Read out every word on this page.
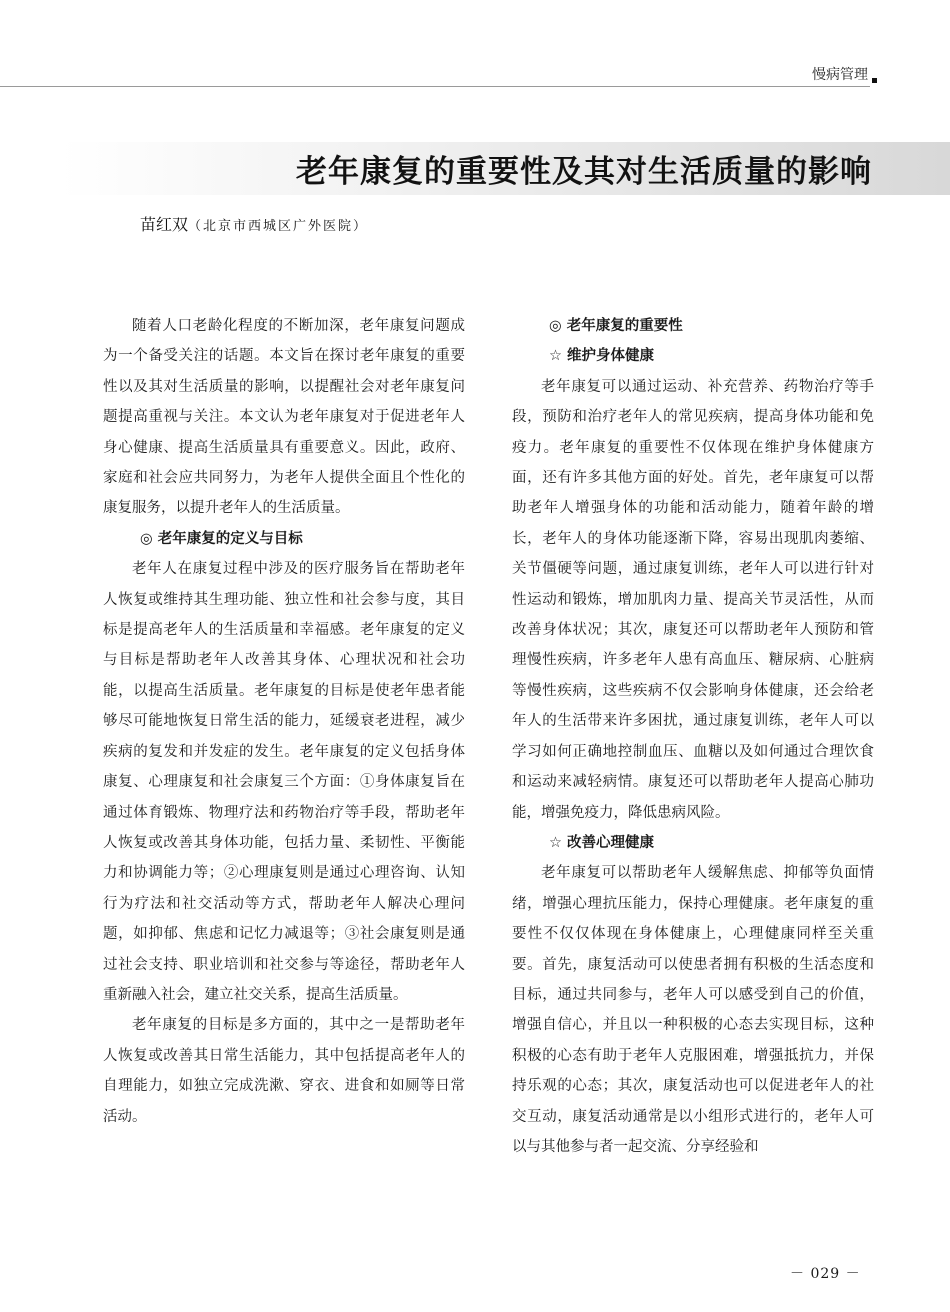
慢病管理
老年康复的重要性及其对生活质量的影响
苗红双（北京市西城区广外医院）

随着人口老龄化程度的不断加深，老年康复问题成为一个备受关注的话题。本文旨在探讨老年康复的重要性以及其对生活质量的影响，以提醒社会对老年康复问题提高重视与关注。本文认为老年康复对于促进老年人身心健康、提高生活质量具有重要意义。因此，政府、家庭和社会应共同努力，为老年人提供全面且个性化的康复服务，以提升老年人的生活质量。

◎ 老年康复的定义与目标

老年人在康复过程中涉及的医疗服务旨在帮助老年人恢复或维持其生理功能、独立性和社会参与度，其目标是提高老年人的生活质量和幸福感。老年康复的定义与目标是帮助老年人改善其身体、心理状况和社会功能，以提高生活质量。老年康复的目标是使老年患者能够尽可能地恢复日常生活的能力，延缓衰老进程，减少疾病的复发和并发症的发生。老年康复的定义包括身体康复、心理康复和社会康复三个方面：①身体康复旨在通过体育锻炼、物理疗法和药物治疗等手段，帮助老年人恢复或改善其身体功能，包括力量、柔韧性、平衡能力和协调能力等；②心理康复则是通过心理咨询、认知行为疗法和社交活动等方式，帮助老年人解决心理问题，如抑郁、焦虑和记忆力减退等；③社会康复则是通过社会支持、职业培训和社交参与等途径，帮助老年人重新融入社会，建立社交关系，提高生活质量。

老年康复的目标是多方面的，其中之一是帮助老年人恢复或改善其日常生活能力，其中包括提高老年人的自理能力，如独立完成洗漱、穿衣、进食和如厕等日常活动。

◎ 老年康复的重要性
☆ 维护身体健康

老年康复可以通过运动、补充营养、药物治疗等手段，预防和治疗老年人的常见疾病，提高身体功能和免疫力。老年康复的重要性不仅体现在维护身体健康方面，还有许多其他方面的好处。首先，老年康复可以帮助老年人增强身体的功能和活动能力，随着年龄的增长，老年人的身体功能逐渐下降，容易出现肌肉萎缩、关节僵硬等问题，通过康复训练，老年人可以进行针对性运动和锻炼，增加肌肉力量、提高关节灵活性，从而改善身体状况；其次，康复还可以帮助老年人预防和管理慢性疾病，许多老年人患有高血压、糖尿病、心脏病等慢性疾病，这些疾病不仅会影响身体健康，还会给老年人的生活带来许多困扰，通过康复训练，老年人可以学习如何正确地控制血压、血糖以及如何通过合理饮食和运动来减轻病情。康复还可以帮助老年人提高心肺功能，增强免疫力，降低患病风险。

☆ 改善心理健康

老年康复可以帮助老年人缓解焦虑、抑郁等负面情绪，增强心理抗压能力，保持心理健康。老年康复的重要性不仅仅体现在身体健康上，心理健康同样至关重要。首先，康复活动可以使患者拥有积极的生活态度和目标，通过共同参与，老年人可以感受到自己的价值，增强自信心，并且以一种积极的心态去实现目标，这种积极的心态有助于老年人克服困难，增强抵抗力，并保持乐观的心态；其次，康复活动也可以促进老年人的社交互动，康复活动通常是以小组形式进行的，老年人可以与其他参与者一起交流、分享经验和

－ 029 －
